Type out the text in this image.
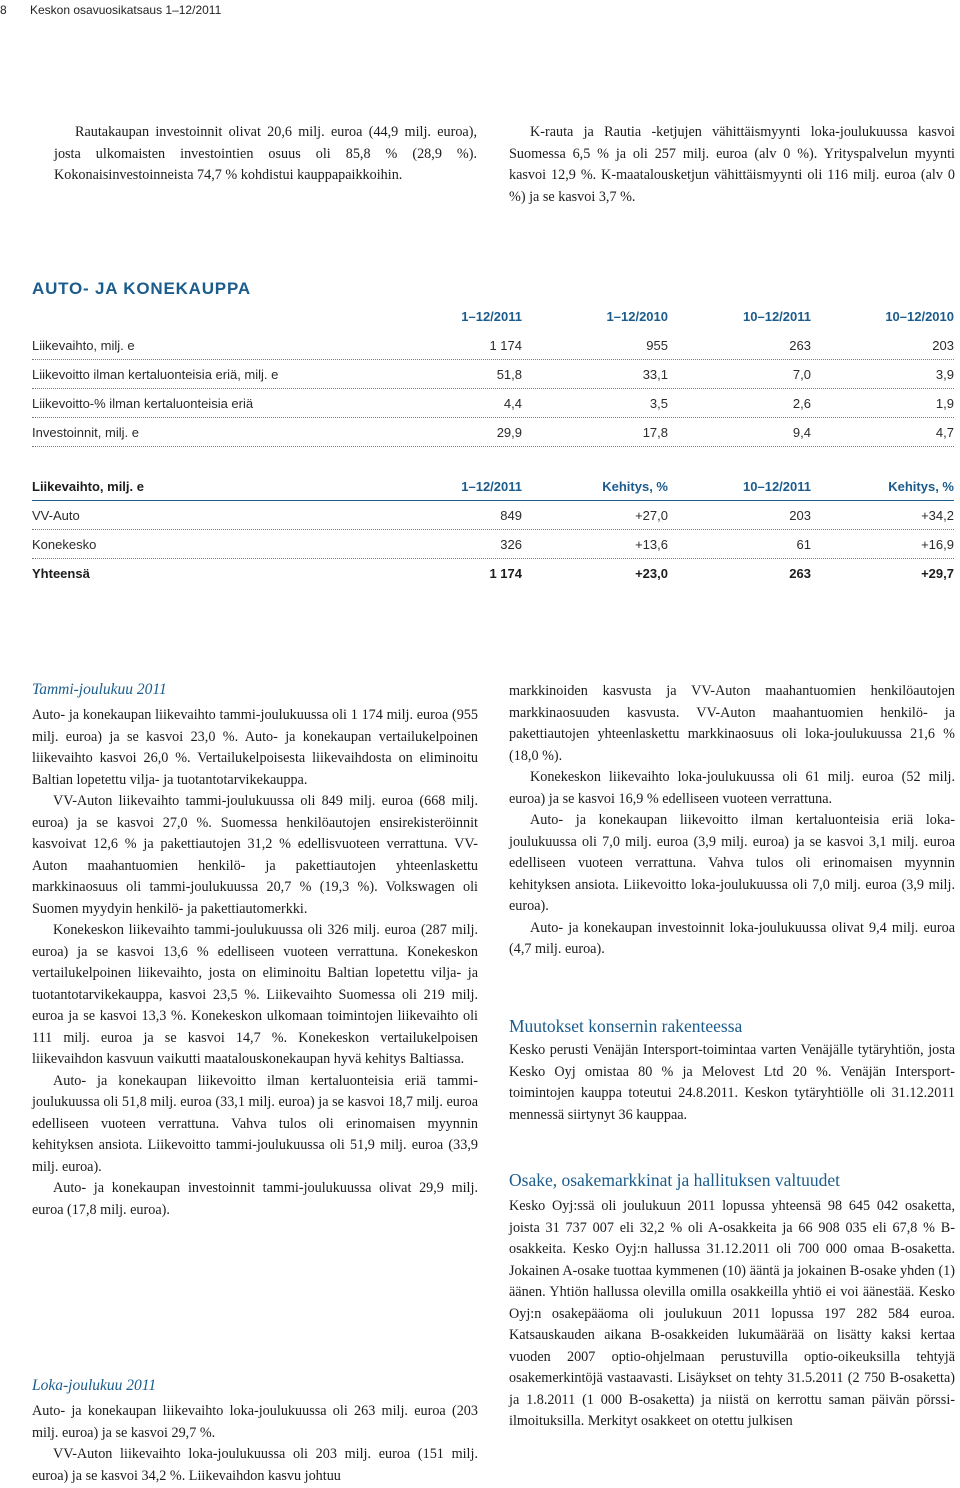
8 Keskon osavuosikatsaus 1–12/2011
Rautakaupan investoinnit olivat 20,6 milj. euroa (44,9 milj. euroa), josta ulkomaisten investointien osuus oli 85,8 % (28,9 %). Kokonaisinvestoinneista 74,7 % kohdistui kauppapaikkoihin.
K-rauta ja Rautia -ketjujen vähittäismyynti loka-joulukuussa kasvoi Suomessa 6,5 % ja oli 257 milj. euroa (alv 0 %). Yrityspalvelun myynti kasvoi 12,9 %. K-maatalousketjun vähittäismyynti oli 116 milj. euroa (alv 0 %) ja se kasvoi 3,7 %.
AUTO- JA KONEKAUPPA
1–12/2011	1–12/2010	10–12/2011	10–12/2010
Liikevaihto, milj. e	1 174	955	263	203
Liikevoitto ilman kertaluonteisia eriä, milj. e	51,8	33,1	7,0	3,9
Liikevoitto-% ilman kertaluonteisia eriä	4,4	3,5	2,6	1,9
Investoinnit, milj. e	29,9	17,8	9,4	4,7
Liikevaihto, milj. e	1–12/2011	Kehitys, %	10–12/2011	Kehitys, %
VV-Auto	849	+27,0	203	+34,2
Konekesko	326	+13,6	61	+16,9
Yhteensä	1 174	+23,0	263	+29,7
Tammi-joulukuu 2011

Auto- ja konekaupan liikevaihto tammi-joulukuussa oli 1 174 milj. euroa (955 milj. euroa) ja se kasvoi 23,0 %. Auto- ja konekaupan vertailukelpoinen liikevaihto kasvoi 26,0 %. Vertailukelpoisesta liikevaihdosta on eliminoitu Baltian lopetettu vilja- ja tuotantotarvikekauppa.

VV-Auton liikevaihto tammi-joulukuussa oli 849 milj. euroa (668 milj. euroa) ja se kasvoi 27,0 %. Suomessa henkilöautojen ensirekisteröinnit kasvoivat 12,6 % ja pakettiautojen 31,2 % edellisvuoteen verrattuna. VV-Auton maahantuomien henkilö- ja pakettiautojen yhteenlaskettu markkinaosuus oli tammi-joulukuussa 20,7 % (19,3 %). Volkswagen oli Suomen myydyin henkilö- ja pakettiautomerkki.

Konekeskon liikevaihto tammi-joulukuussa oli 326 milj. euroa (287 milj. euroa) ja se kasvoi 13,6 % edelliseen vuoteen verrattuna. Konekeskon vertailukelpoinen liikevaihto, josta on eliminoitu Baltian lopetettu vilja- ja tuotantotarvikekauppa, kasvoi 23,5 %. Liikevaihto Suomessa oli 219 milj. euroa ja se kasvoi 13,3 %. Konekeskon ulkomaan toimintojen liikevaihto oli 111 milj. euroa ja se kasvoi 14,7 %. Konekeskon vertailukelpoisen liikevaihdon kasvuun vaikutti maatalouskonekaupan hyvä kehitys Baltiassa.

Auto- ja konekaupan liikevoitto ilman kertaluonteisia eriä tammi-joulukuussa oli 51,8 milj. euroa (33,1 milj. euroa) ja se kasvoi 18,7 milj. euroa edelliseen vuoteen verrattuna. Vahva tulos oli erinomaisen myynnin kehityksen ansiota. Liikevoitto tammi-joulukuussa oli 51,9 milj. euroa (33,9 milj. euroa).

Auto- ja konekaupan investoinnit tammi-joulukuussa olivat 29,9 milj. euroa (17,8 milj. euroa).

Loka-joulukuu 2011

Auto- ja konekaupan liikevaihto loka-joulukuussa oli 263 milj. euroa (203 milj. euroa) ja se kasvoi 29,7 %.

VV-Auton liikevaihto loka-joulukuussa oli 203 milj. euroa (151 milj. euroa) ja se kasvoi 34,2 %. Liikevaihdon kasvu johtuu

markkinoiden kasvusta ja VV-Auton maahantuomien henkilöautojen markkinaosuuden kasvusta. VV-Auton maahantuomien henkilö- ja pakettiautojen yhteenlaskettu markkinaosuus oli loka-joulukuussa 21,6 % (18,0 %).

Konekeskon liikevaihto loka-joulukuussa oli 61 milj. euroa (52 milj. euroa) ja se kasvoi 16,9 % edelliseen vuoteen verrattuna.

Auto- ja konekaupan liikevoitto ilman kertaluonteisia eriä loka-joulukuussa oli 7,0 milj. euroa (3,9 milj. euroa) ja se kasvoi 3,1 milj. euroa edelliseen vuoteen verrattuna. Vahva tulos oli erinomaisen myynnin kehityksen ansiota. Liikevoitto loka-joulukuussa oli 7,0 milj. euroa (3,9 milj. euroa).

Auto- ja konekaupan investoinnit loka-joulukuussa olivat 9,4 milj. euroa (4,7 milj. euroa).

Muutokset konsernin rakenteessa
Kesko perusti Venäjän Intersport-toimintaa varten Venäjälle tytäryhtiön, josta Kesko Oyj omistaa 80 % ja Melovest Ltd 20 %. Venäjän Intersport-toimintojen kauppa toteutui 24.8.2011. Keskon tytäryhtiölle oli 31.12.2011 mennessä siirtynyt 36 kauppaa.
Osake, osakemarkkinat ja hallituksen valtuudet
Kesko Oyj:ssä oli joulukuun 2011 lopussa yhteensä 98 645 042 osaketta, joista 31 737 007 eli 32,2 % oli A-osakkeita ja 66 908 035 eli 67,8 % B-osakkeita. Kesko Oyj:n hallussa 31.12.2011 oli 700 000 omaa B-osaketta. Jokainen A-osake tuottaa kymmenen (10) ääntä ja jokainen B-osake yhden (1) äänen. Yhtiön hallussa olevilla omilla osakkeilla yhtiö ei voi äänestää. Kesko Oyj:n osakepääoma oli joulukuun 2011 lopussa 197 282 584 euroa. Katsauskauden aikana B-osakkeiden lukumäärää on lisätty kaksi kertaa vuoden 2007 optio-ohjelmaan perustuvilla optio-oikeuksilla tehtyjä osakemerkintöjä vastaavasti. Lisäykset on tehty 31.5.2011 (2 750 B-osaketta) ja 1.8.2011 (1 000 B-osaketta) ja niistä on kerrottu saman päivän pörssi-ilmoituksilla. Merkityt osakkeet on otettu julkisen
